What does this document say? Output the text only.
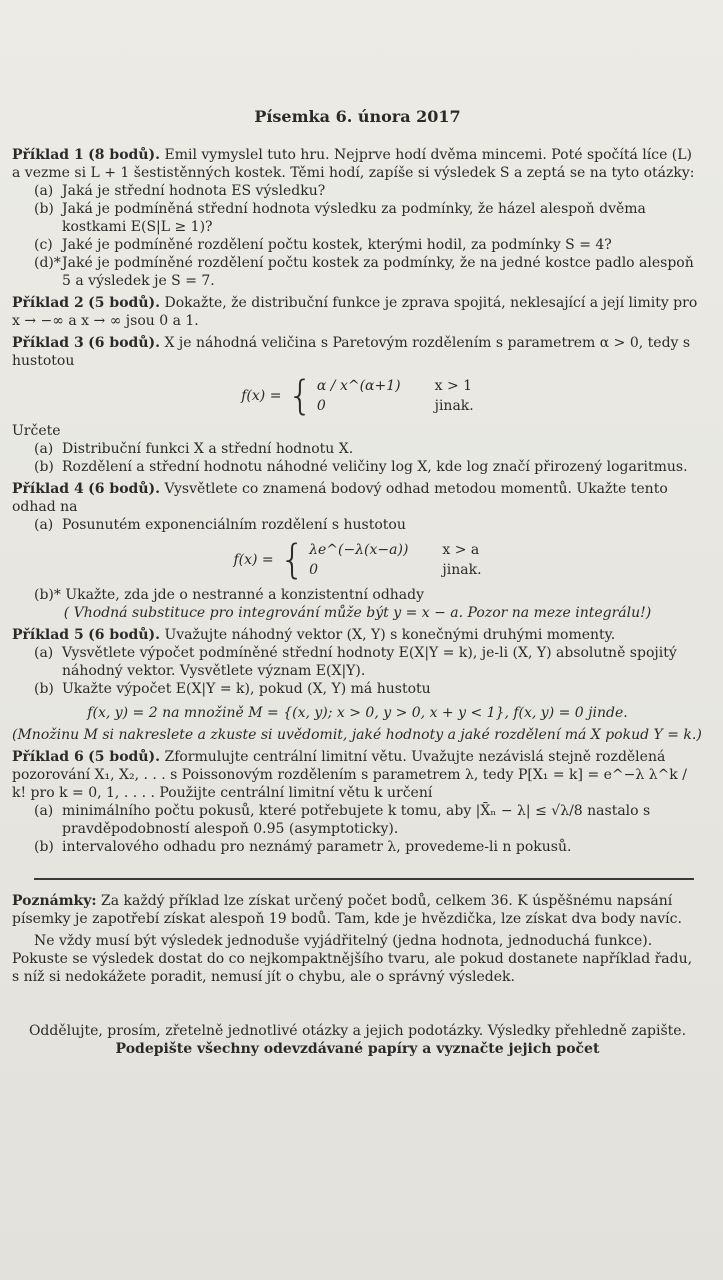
Písemka 6. února 2017

Příklad 1 (8 bodů). Emil vymyslel tuto hru. Nejprve hodí dvěma mincemi. Poté spočítá líce (L) a vezme si L + 1 šestistěnných kostek. Těmi hodí, zapíše si výsledek S a zeptá se na tyto otázky:

(a) Jaká je střední hodnota ES výsledku?
(b) Jaká je podmíněná střední hodnota výsledku za podmínky, že házel alespoň dvěma kostkami E(S|L ≥ 1)?
(c) Jaké je podmíněné rozdělení počtu kostek, kterými hodil, za podmínky S = 4?
(d)* Jaké je podmíněné rozdělení počtu kostek za podmínky, že na jedné kostce padlo alespoň 5 a výsledek je S = 7.

Příklad 2 (5 bodů). Dokažte, že distribuční funkce je zprava spojitá, neklesající a její limity pro x → −∞ a x → ∞ jsou 0 a 1.

Příklad 3 (6 bodů). X je náhodná veličina s Paretovým rozdělením s parametrem α > 0, tedy s hustotou

f(x) = { α / x^(α+1) x > 1
0	jinak.

Určete

(a) Distribuční funkci X a střední hodnotu X.
(b) Rozdělení a střední hodnotu náhodné veličiny log X, kde log značí přirozený logaritmus.

Příklad 4 (6 bodů). Vysvětlete co znamená bodový odhad metodou momentů. Ukažte tento odhad na

(a) Posunutém exponenciálním rozdělení s hustotou
f(x) = { λe^(−λ(x−a)) x > a
0	jinak.

(b)* Ukažte, zda jde o nestranné a konzistentní odhady

( Vhodná substituce pro integrování může být y = x − a. Pozor na meze integrálu!)

Příklad 5 (6 bodů). Uvažujte náhodný vektor (X, Y) s konečnými druhými momenty.

(a) Vysvětlete výpočet podmíněné střední hodnoty E(X|Y = k), je-li (X, Y) absolutně spojitý náhodný vektor. Vysvětlete význam E(X|Y).
(b) Ukažte výpočet E(X|Y = k), pokud (X, Y) má hustotu

f(x, y) = 2 na množině M = {(x, y); x > 0, y > 0, x + y < 1}, f(x, y) = 0 jinde.

(Množinu M si nakreslete a zkuste si uvědomit, jaké hodnoty a jaké rozdělení má X pokud Y = k.)

Příklad 6 (5 bodů). Zformulujte centrální limitní větu. Uvažujte nezávislá stejně rozdělená pozorování X₁, X₂, . . . s Poissonovým rozdělením s parametrem λ, tedy P[X₁ = k] = e^−λ λ^k / k! pro k = 0, 1, . . . . Použijte centrální limitní větu k určení

(a) minimálního počtu pokusů, které potřebujete k tomu, aby |X̄ₙ − λ| ≤ √λ/8 nastalo s pravděpodobností alespoň 0.95 (asymptoticky).
(b) intervalového odhadu pro neznámý parametr λ, provedeme-li n pokusů.

Poznámky: Za každý příklad lze získat určený počet bodů, celkem 36. K úspěšnému napsání písemky je zapotřebí získat alespoň 19 bodů. Tam, kde je hvězdička, lze získat dva body navíc.

Ne vždy musí být výsledek jednoduše vyjádřitelný (jedna hodnota, jednoduchá funkce). Pokuste se výsledek dostat do co nejkompaktnějšího tvaru, ale pokud dostanete například řadu, s níž si nedokážete poradit, nemusí jít o chybu, ale o správný výsledek.

Oddělujte, prosím, zřetelně jednotlivé otázky a jejich podotázky. Výsledky přehledně zapište.

Podepište všechny odevzdávané papíry a vyznačte jejich počet
